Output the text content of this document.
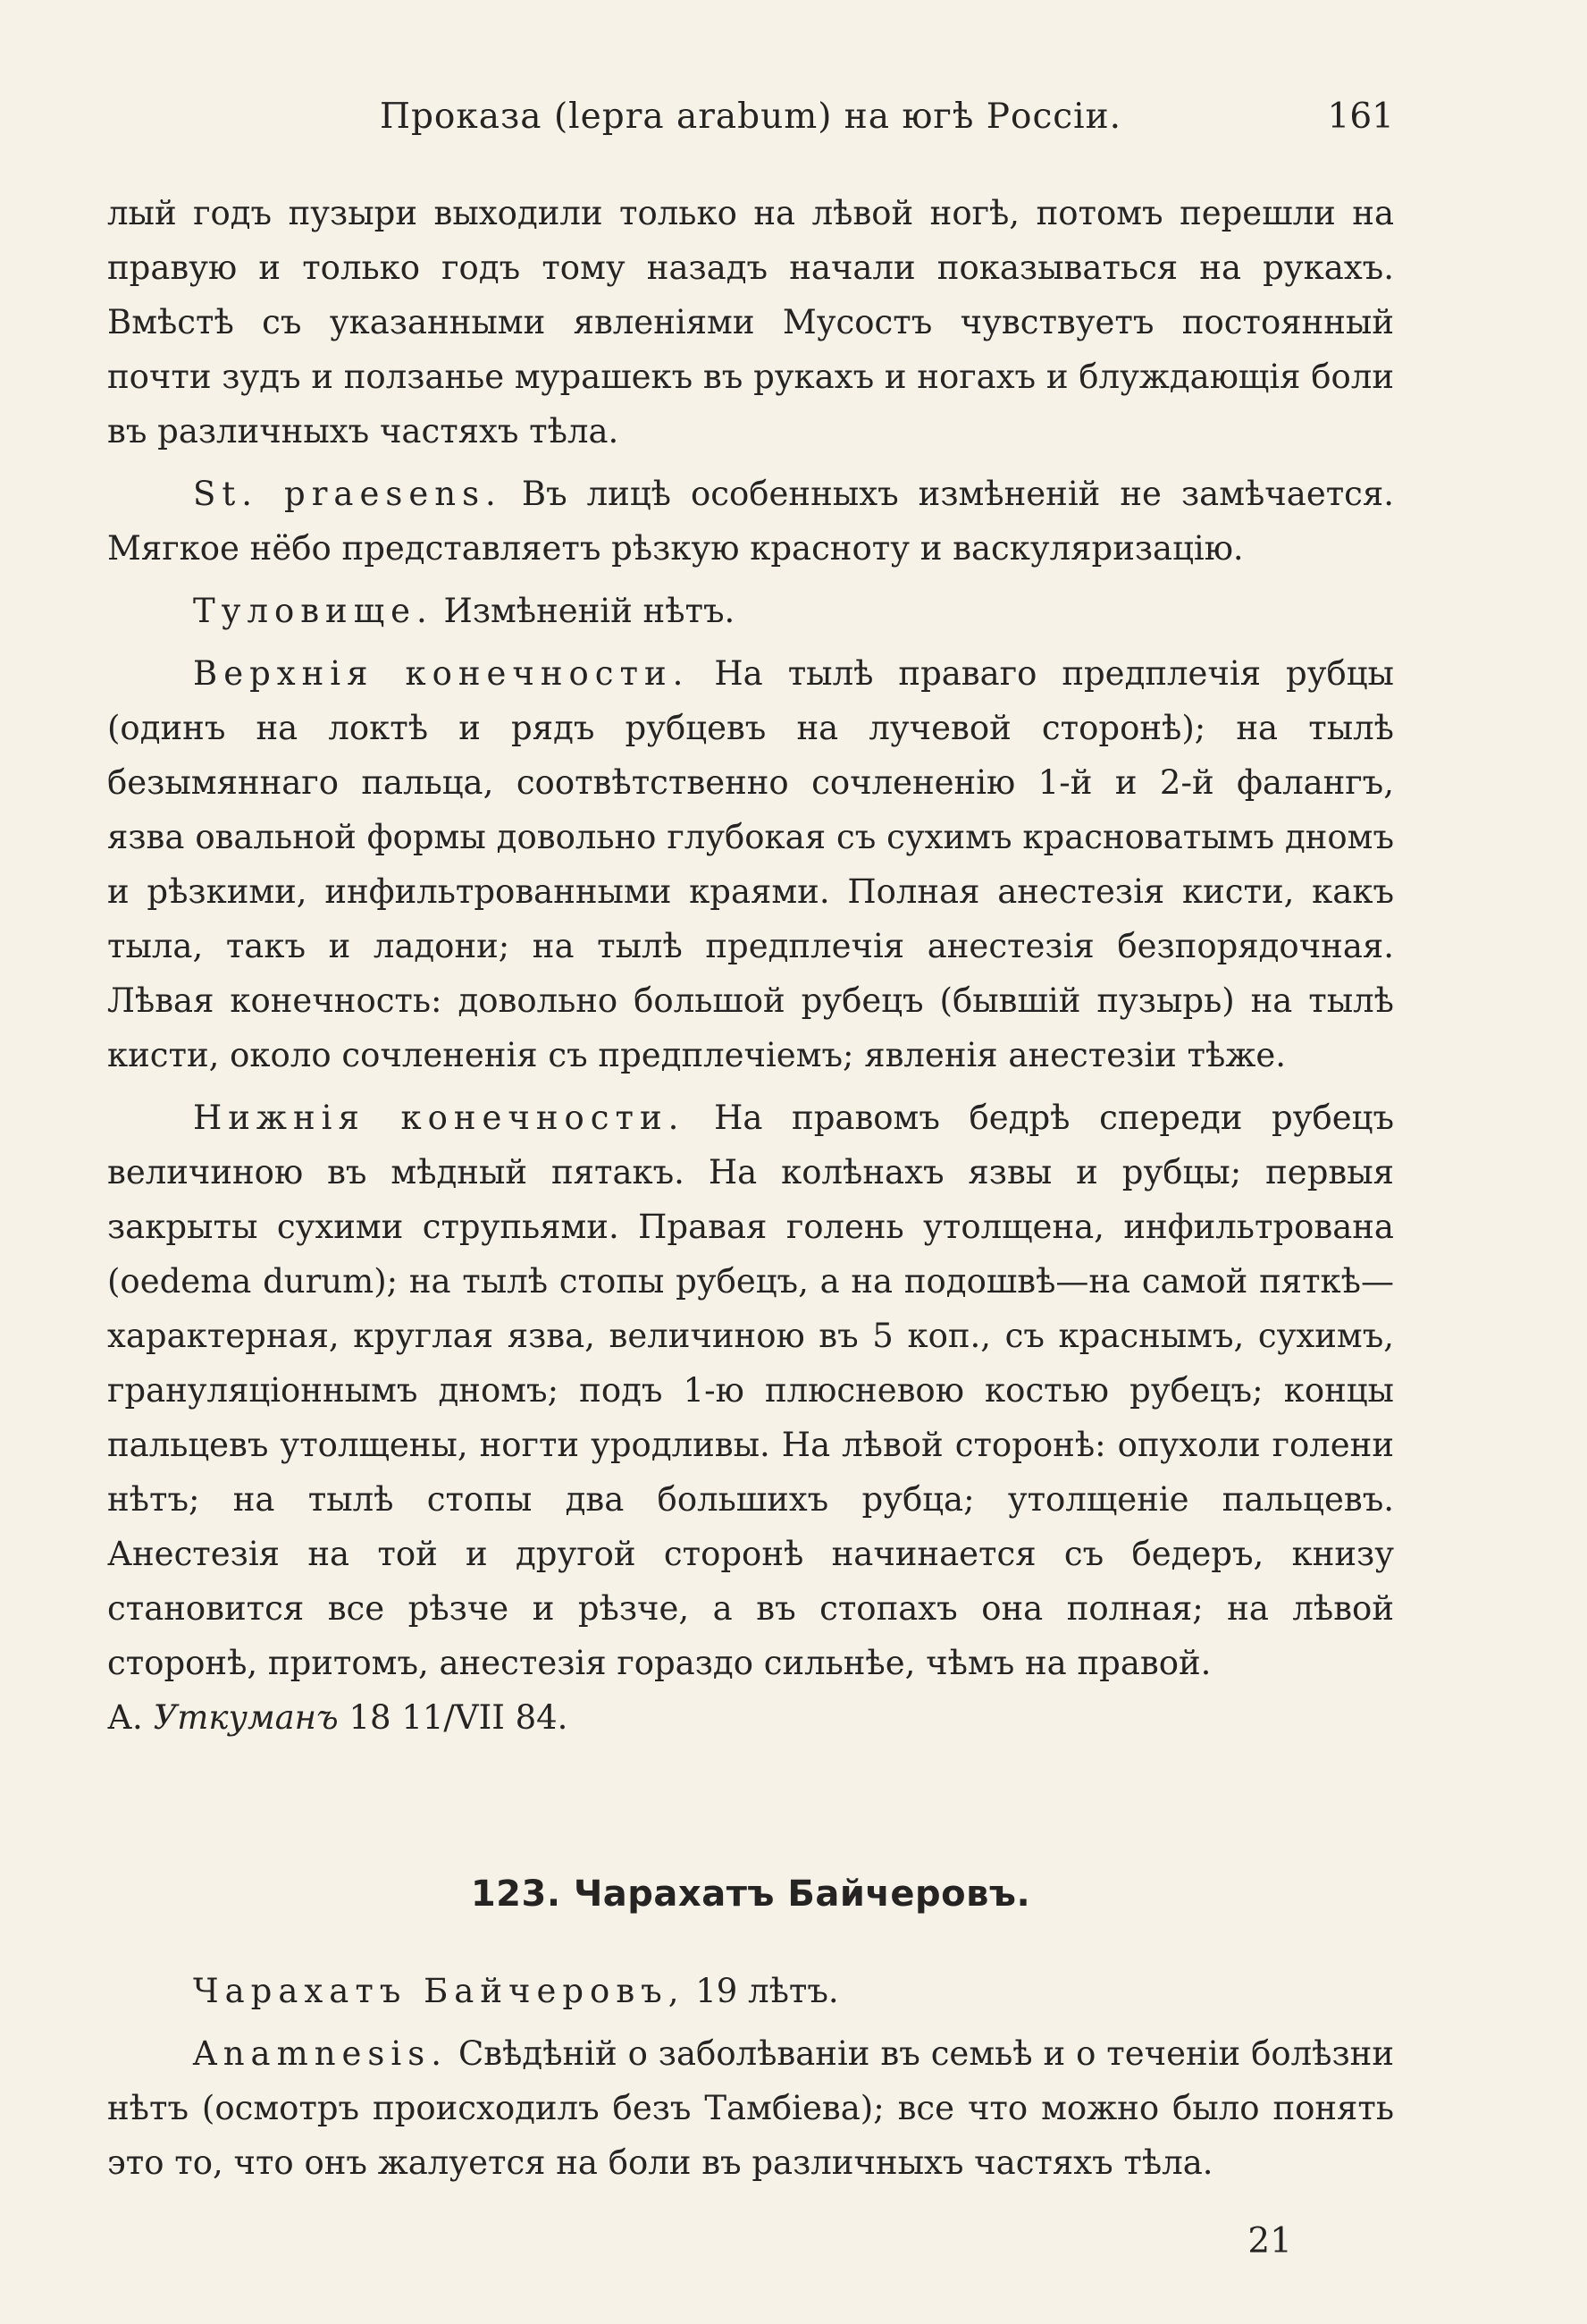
Проказа (lepra arabum) на югѣ Россіи.	161

лый годъ пузыри выходили только на лѣвой ногѣ, потомъ перешли на правую и только годъ тому назадъ начали показываться на рукахъ. Вмѣстѣ съ указанными явленіями Мусостъ чувствуетъ постоянный почти зудъ и ползанье мурашекъ въ рукахъ и ногахъ и блуждающія боли въ различныхъ частяхъ тѣла.

St. praesens. Въ лицѣ особенныхъ измѣненій не замѣчается. Мягкое нёбо представляетъ рѣзкую красноту и васкуляризацію.

Туловище. Измѣненій нѣтъ.

Верхнія конечности. На тылѣ праваго предплечія рубцы (одинъ на локтѣ и рядъ рубцевъ на лучевой сторонѣ); на тылѣ безымяннаго пальца, соотвѣтственно сочлененію 1-й и 2-й фалангъ, язва овальной формы довольно глубокая съ сухимъ красноватымъ дномъ и рѣзкими, инфильтрованными краями. Полная анестезія кисти, какъ тыла, такъ и ладони; на тылѣ предплечія анестезія безпорядочная. Лѣвая конечность: довольно большой рубецъ (бывшій пузырь) на тылѣ кисти, около сочлененія съ предплечіемъ; явленія анестезіи тѣже.

Нижнія конечности. На правомъ бедрѣ спереди рубецъ величиною въ мѣдный пятакъ. На колѣнахъ язвы и рубцы; первыя закрыты сухими струпьями. Правая голень утолщена, инфильтрована (oedema durum); на тылѣ стопы рубецъ, а на подошвѣ—на самой пяткѣ—характерная, круглая язва, величиною въ 5 коп., съ краснымъ, сухимъ, грануляціоннымъ дномъ; подъ 1-ю плюсневою костью рубецъ; концы пальцевъ утолщены, ногти уродливы. На лѣвой сторонѣ: опухоли голени нѣтъ; на тылѣ стопы два большихъ рубца; утолщеніе пальцевъ. Анестезія на той и другой сторонѣ начинается съ бедеръ, книзу становится все рѣзче и рѣзче, а въ стопахъ она полная; на лѣвой сторонѣ, притомъ, анестезія гораздо сильнѣе, чѣмъ на правой.

А. Уткуманъ 18 11/VII 84.

123. Чарахатъ Байчеровъ.

Чарахатъ Байчеровъ, 19 лѣтъ.

Anamnesis. Свѣдѣній о заболѣваніи въ семьѣ и о теченіи болѣзни нѣтъ (осмотръ происходилъ безъ Тамбіева); все что можно было понять это то, что онъ жалуется на боли въ различныхъ частяхъ тѣла.

21
